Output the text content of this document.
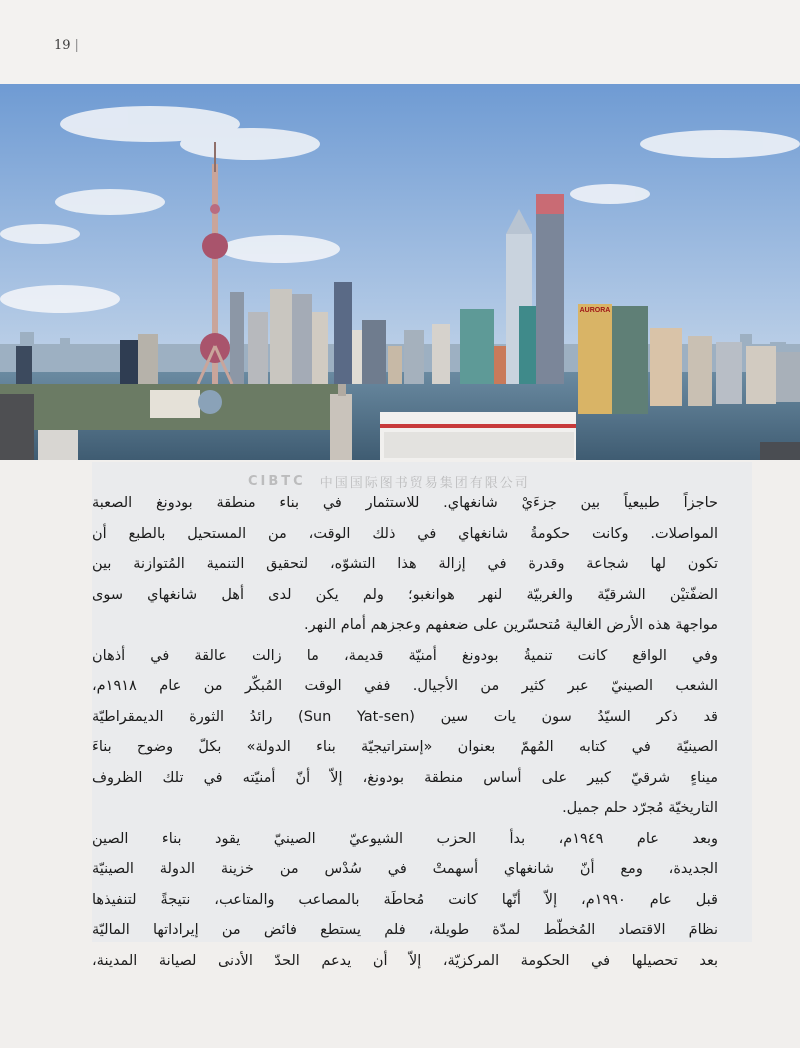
19 |
AURORA
CIBTC 中国国际图书贸易集团有限公司
حاجزاً طبيعياً بين جزءَيْ شانغهاي. للاستثمار في بناء منطقة بودونغ الصعبة
المواصلات. وكانت حكومةُ شانغهاي في ذلك الوقت، من المستحيل بالطبع أن
تكون لها شجاعة وقدرة في إزالة هذا التشوّه، لتحقيق التنمية المُتوازنة بين
الضفّتيْن الشرقيّة والغربيّة لنهر هوانغبو؛ ولم يكن لدى أهل شانغهاي سوى
مواجهة هذه الأرض الغالية مُتحسّرين على ضعفهم وعجزهم أمام النهر.
وفي الواقع كانت تنميةُ بودونغ أمنيّة قديمة، ما زالت عالقة في أذهان
الشعب الصينيّ عبر كثير من الأجيال. ففي الوقت المُبكّر من عام ١٩١٨م،
قد ذكر السيّدُ سون يات سين (Sun Yat-sen) رائدُ الثورة الديمقراطيّة
الصينيّة في كتابه المُهمّ بعنوان «إستراتيجيّة بناء الدولة» بكلّ وضوح بناءَ
ميناءٍ شرقيّ كبير على أساس منطقة بودونغ، إلاّ أنّ أمنيّته في تلك الظروف
التاريخيّة مُجرّد حلم جميل.
وبعد عام ١٩٤٩م، بدأ الحزب الشيوعيّ الصينيّ يقود بناء الصين
الجديدة، ومع أنّ شانغهاي أسهمتْ في سُدْس من خزينة الدولة الصينيّة
قبل عام ١٩٩٠م، إلاّ أنّها كانت مُحاطَة بالمصاعب والمتاعب، نتيجةً لتنفيذها
نظامَ الاقتصاد المُخطّط لمدّة طويلة، فلم يستطع فائض من إيراداتها الماليّة
بعد تحصيلها في الحكومة المركزيّة، إلاّ أن يدعم الحدّ الأدنى لصيانة المدينة،
